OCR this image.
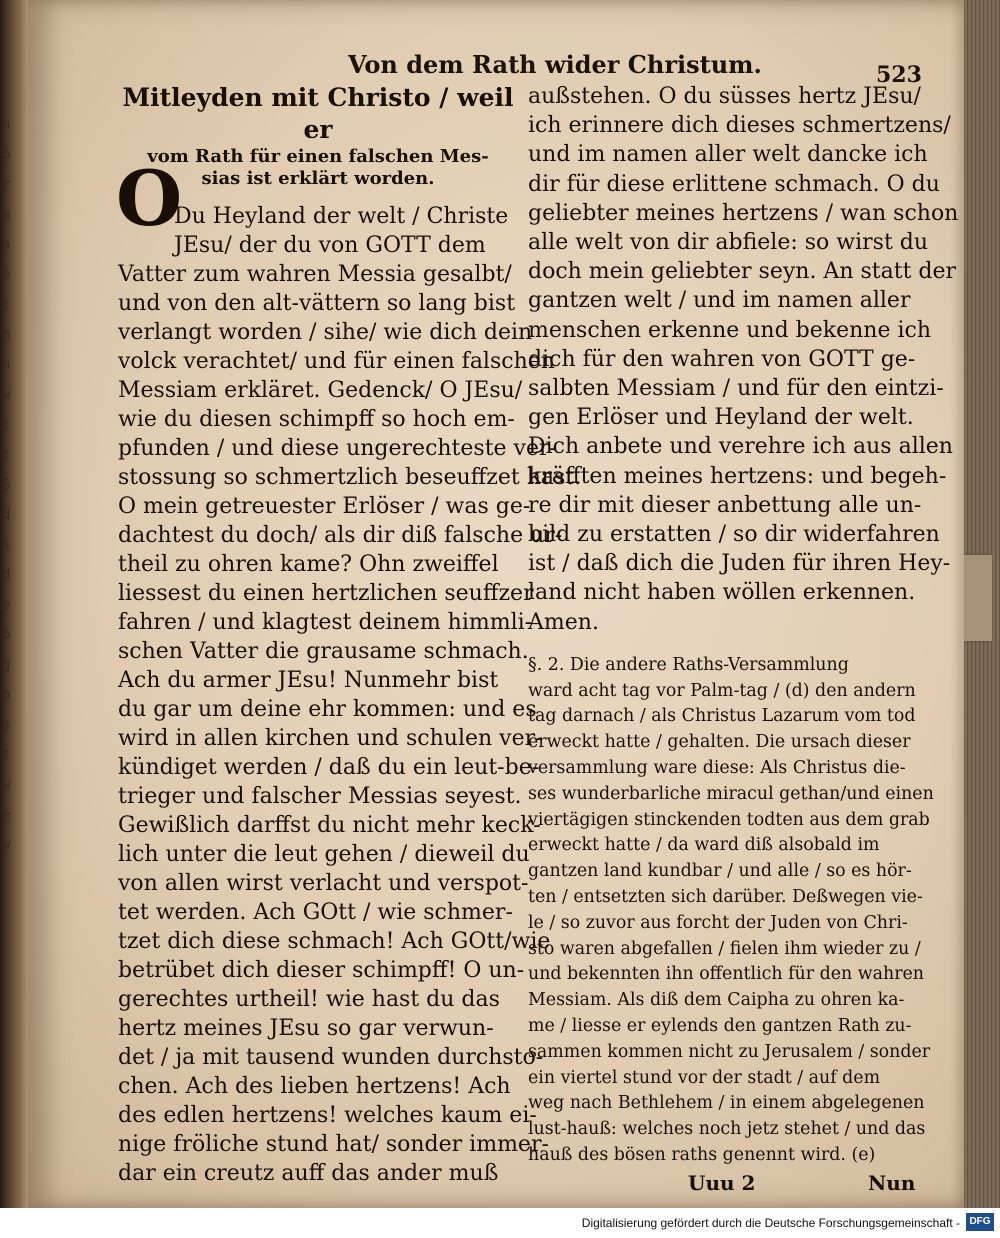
Von dem Rath wider Christum.	523
Mitleyden mit Christo / weil er
vom Rath für einen falschen Mes-
sias ist erklärt worden.
O
Du Heyland der welt / Christe
JEsu/ der du von GOTT dem
Vatter zum wahren Messia gesalbt/
und von den alt-vättern so lang bist
verlangt worden / sihe/ wie dich dein
volck verachtet/ und für einen falschen
Messiam erkläret. Gedenck/ O JEsu/
wie du diesen schimpff so hoch em-
pfunden / und diese ungerechteste ver-
stossung so schmertzlich beseuffzet hast.
O mein getreuester Erlöser / was ge-
dachtest du doch/ als dir diß falsche ur-
theil zu ohren kame? Ohn zweiffel
liessest du einen hertzlichen seuffzer
fahren / und klagtest deinem himmli-
schen Vatter die grausame schmach.
Ach du armer JEsu! Nunmehr bist
du gar um deine ehr kommen: und es
wird in allen kirchen und schulen ver-
kündiget werden / daß du ein leut-be-
trieger und falscher Messias seyest.
Gewißlich darffst du nicht mehr keck-
lich unter die leut gehen / dieweil du
von allen wirst verlacht und verspot-
tet werden. Ach GOtt / wie schmer-
tzet dich diese schmach! Ach GOtt/wie
betrübet dich dieser schimpff! O un-
gerechtes urtheil! wie hast du das
hertz meines JEsu so gar verwun-
det / ja mit tausend wunden durchsto-
chen. Ach des lieben hertzens! Ach
des edlen hertzens! welches kaum ei-
nige fröliche stund hat/ sonder immer-
dar ein creutz auff das ander muß
außstehen. O du süsses hertz JEsu/
ich erinnere dich dieses schmertzens/
und im namen aller welt dancke ich
dir für diese erlittene schmach. O du
geliebter meines hertzens / wan schon
alle welt von dir abfiele: so wirst du
doch mein geliebter seyn. An statt der
gantzen welt / und im namen aller
menschen erkenne und bekenne ich
dich für den wahren von GOTT ge-
salbten Messiam / und für den eintzi-
gen Erlöser und Heyland der welt.
Dich anbete und verehre ich aus allen
kräfften meines hertzens: und begeh-
re dir mit dieser anbettung alle un-
bild zu erstatten / so dir widerfahren
ist / daß dich die Juden für ihren Hey-
land nicht haben wöllen erkennen.
Amen.
§. 2. Die andere Raths-Versammlung
ward acht tag vor Palm-tag / (d) den andern
tag darnach / als Christus Lazarum vom tod
erweckt hatte / gehalten. Die ursach dieser
versammlung ware diese: Als Christus die-
ses wunderbarliche miracul gethan/und einen
viertägigen stinckenden todten aus dem grab
erweckt hatte / da ward diß alsobald im
gantzen land kundbar / und alle / so es hör-
ten / entsetzten sich darüber. Deßwegen vie-
le / so zuvor aus forcht der Juden von Chri-
sto waren abgefallen / fielen ihm wieder zu /
und bekennten ihn offentlich für den wahren
Messiam. Als diß dem Caipha zu ohren ka-
me / liesse er eylends den gantzen Rath zu-
sammen kommen nicht zu Jerusalem / sonder
ein viertel stund vor der stadt / auf dem
weg nach Bethlehem / in einem abgelegenen
lust-hauß: welches noch jetz stehet / und das
hauß des bösen raths genennt wird. (e)
Uuu 2	Nun
n p r a a e t n n w t t S d s d e b g p s t w e w
Digitalisierung gefördert durch die Deutsche Forschungsgemeinschaft - DFG
